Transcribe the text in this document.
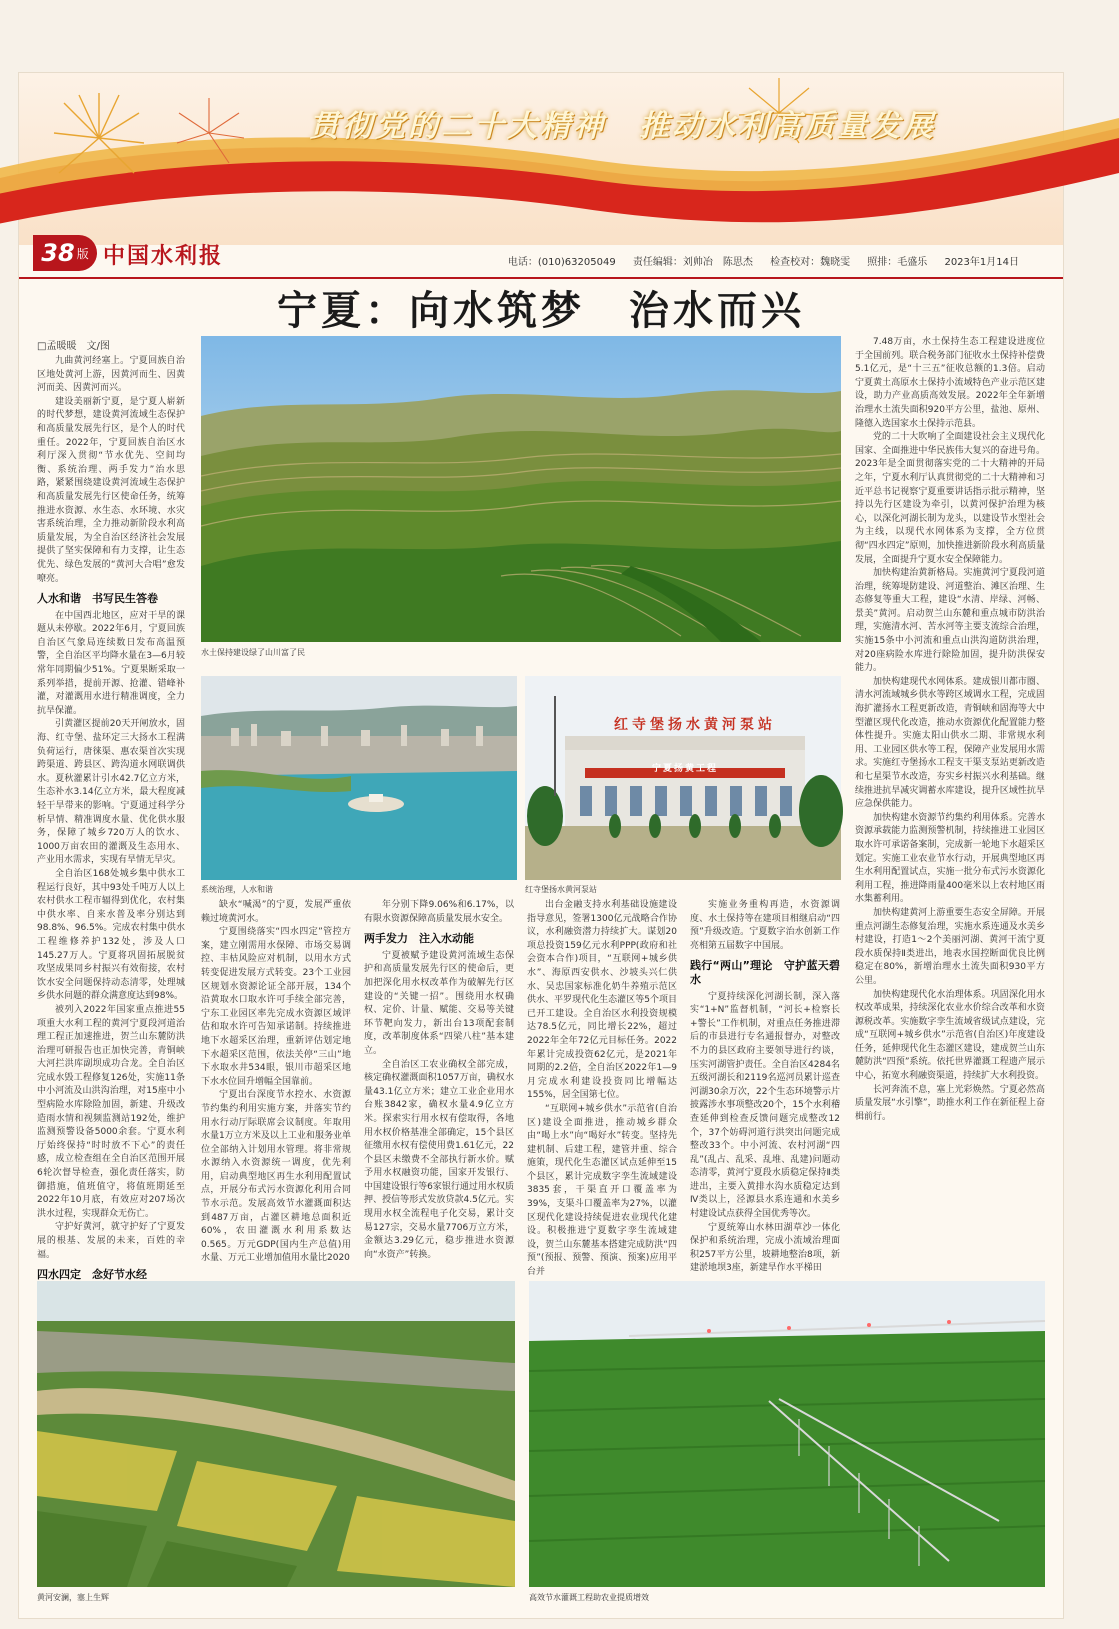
贯彻党的二十大精神　推动水利高质量发展
38 版 中国水利报	电话：(010)63205049 责任编辑：刘帅冶　陈思杰 检查校对：魏晓雯 照排：毛盛乐 2023年1月14日
宁夏：向水筑梦　治水而兴
□孟暖暖　文/图

九曲黄河经塞上。宁夏回族自治区地处黄河上游，因黄河而生、因黄河而美、因黄河而兴。

建设美丽新宁夏，是宁夏人崭新的时代梦想，建设黄河流域生态保护和高质量发展先行区，是个人的时代重任。2022年，宁夏回族自治区水利厅深入贯彻“节水优先、空间均衡、系统治理、两手发力”治水思路，紧紧围绕建设黄河流域生态保护和高质量发展先行区使命任务，统筹推进水资源、水生态、水环境、水灾害系统治理，全力推动新阶段水利高质量发展，为全自治区经济社会发展提供了坚实保障和有力支撑，让生态优先、绿色发展的“黄河大合唱”愈发嘹亮。

人水和谐　书写民生答卷

在中国西北地区，应对干旱的课题从未停歇。2022年6月，宁夏回族自治区气象局连续数日发布高温预警，全自治区平均降水量在3—6月较常年同期偏少51%。宁夏果断采取一系列举措，提前开源、抢灌、错峰补灌，对灌溉用水进行精准调度，全力抗旱保灌。

引黄灌区提前20天开闸放水，固海、红寺堡、盐环定三大扬水工程满负荷运行，唐徕渠、惠农渠首次实现跨渠道、跨县区、跨沟道水网联调供水。夏秋灌累计引水42.7亿立方米，生态补水3.14亿立方米，最大程度减轻干旱带来的影响。宁夏通过科学分析早情、精准调度水量、优化供水服务，保障了城乡720万人的饮水、1000万亩农田的灌溉及生态用水、产业用水需求，实现有旱情无早灾。

全自治区168处城乡集中供水工程运行良好，其中93处千吨万人以上农村供水工程市辐得到优化，农村集中供水率、自来水普及率分别达到98.8%、96.5%。完成农村集中供水工程维修养护132处，涉及人口145.27万人。宁夏将巩固拓展脱贫攻坚成果同乡村振兴有效衔接，农村饮水安全问题保持动态清零，处理城乡供水问题的群众满意度达到98%。

被列入2022年国家重点推进55项重大水利工程的黄河宁夏段河道治理工程正加速推进，贺兰山东麓防洪治理可研报告也正加快完善，青铜峡大河拦洪库副坝成功合龙。全自治区完成水毁工程修复126处，实施11条中小河流及山洪沟治理，对15座中小型病险水库除险加固，新建、升级改造雨水情和视频监测站192处，维护监测预警设备5000余套。宁夏水利厅始终保持“时时放不下心”的责任感，成立检查组在全自治区范围开展6轮次督导检查，强化责任落实，防御措施，值班值守，将值班期延至2022年10月底，有效应对207场次洪水过程，实现群众无伤亡。

守护好黄河，就守护好了宁夏发展的根基、发展的未来，百姓的幸福。

四水四定　念好节水经

水土保持建设绿了山川富了民
系统治理，人水和谐
红寺堡扬水黄河泵站
宁夏扬黄工程
红寺堡扬水黄河泵站

缺水“喊渴”的宁夏，发展严重依赖过境黄河水。

宁夏围绕落实“四水四定”管控方案，建立刚需用水保障、市场交易调控、丰枯风险应对机制，以用水方式转变促进发展方式转变。23个工业园区规划水资源论证全部开展，134个沿黄取水口取水许可手续全部完善，宁东工业园区率先完成水资源区域评估和取水许可告知承诺制。持续推进地下水超采区治理，重新评估划定地下水超采区范围，依法关停“三山”地下水取水井534眼，银川市超采区地下水水位回升增幅全国靠前。

宁夏出台深度节水控水、水资源节约集约利用实施方案，并落实节约用水行动厅际联席会议制度。年取用水量1万立方米及以上工业和服务业单位全部纳入计划用水管理。将非常规水源纳入水资源统一调度，优先利用，启动典型地区再生水利用配置试点，开展分布式污水资源化利用合同节水示范。发展高效节水灌溉面积达到487万亩，占灌区耕地总面积近60%，农田灌溉水利用系数达0.565。万元GDP(国内生产总值)用水量、万元工业增加值用水量比2020

年分别下降9.06%和6.17%，以有限水资源保障高质量发展水安全。

两手发力　注入水动能

宁夏被赋予建设黄河流域生态保护和高质量发展先行区的使命后，更加把深化用水权改革作为破解先行区建设的“关键一招”。围绕用水权确权、定价、计量、赋能、交易等关键环节靶向发力，新出台13项配套制度，改革制度体系“四梁八柱”基本建立。

全自治区工农业确权全部完成，核定确权灌溉面积1057万亩，确权水量43.1亿立方米；建立工业企业用水台账3842家，确权水量4.9亿立方米。探索实行用水权有偿取得，各地用水权价格基准全部确定，15个县区征缴用水权有偿使用费1.61亿元，22个县区未缴费不全部执行新水价。赋予用水权融资功能，国家开发银行、中国建设银行等6家银行通过用水权质押、授信等形式发放贷款4.5亿元。实现用水权全流程电子化交易，累计交易127宗，交易水量7706万立方米，金额达3.29亿元，稳步推进水资源向“水资产”转换。

出台金融支持水利基础设施建设指导意见，签署1300亿元战略合作协议，水利融资潜力持续扩大。谋划20项总投资159亿元水利PPP(政府和社会资本合作)项目，“互联网+城乡供水”、海原西安供水、沙坡头兴仁供水、吴忠国家标准化奶牛养殖示范区供水、平罗现代化生态灌区等5个项目已开工建设。全自治区水利投资规模达78.5亿元，同比增长22%，超过2022年全年72亿元目标任务。2022年累计完成投资62亿元，是2021年同期的2.2倍，全自治区2022年1—9月完成水利建设投资同比增幅达155%，居全国第七位。

“互联网+城乡供水”示范省(自治区)建设全面推进，推动城乡群众由“喝上水”向“喝好水”转变。坚持先建机制、后建工程，建管并重、综合施策，现代化生态灌区试点延伸至15个县区，累计完成数字孪生流域建设3835套，干渠直开口覆盖率为39%，支渠斗口覆盖率为27%，以灌区现代化建设持续促进农业现代化建设。积极推进宁夏数字孪生流域建设，贺兰山东麓基本搭建完成防洪“四预”(预报、预警、预演、预案)应用平台并

实施业务重构再造，水资源调度、水土保持等在建项目相继启动“四预”升级改造。宁夏数字治水创新工作亮相第五届数字中国展。

践行“两山”理论　守护蓝天碧水

宁夏持续深化河湖长制，深入落实“1+N”监督机制，“河长+检察长+警长”工作机制，对重点任务推进滞后的市县进行专名通报督办，对整改不力的县区政府主要领导进行约谈，压实河湖管护责任。全自治区4284名五级河湖长和2119名巡河员累计巡查河湖30余万次，22个生态环境警示片披露涉水事项整改20个，15个水利稽查延伸到检查反馈问题完成整改12个，37个妨碍河道行洪突出问题完成整改33个。中小河流、农村河湖“四乱”(乱占、乱采、乱堆、乱建)问题动态清零，黄河宁夏段水质稳定保持Ⅱ类进出，主要入黄排水沟水质稳定达到Ⅳ类以上，泾源县水系连通和水美乡村建设试点获得全国优秀等次。

宁夏统筹山水林田湖草沙一体化保护和系统治理，完成小流域治理面积257平方公里，坡耕地整治8项，新建淤地坝3座，新建旱作水平梯田

7.48万亩，水土保持生态工程建设进度位于全国前列。联合税务部门征收水土保持补偿费5.1亿元，是“十三五”征收总额的1.3倍。启动宁夏黄土高原水土保持小流域特色产业示范区建设，助力产业高质高效发展。2022年全年新增治理水土流失面积920平方公里，盐池、原州、隆德入选国家水土保持示范县。

党的二十大吹响了全面建设社会主义现代化国家、全面推进中华民族伟大复兴的奋进号角。2023年是全面贯彻落实党的二十大精神的开局之年，宁夏水利厅认真贯彻党的二十大精神和习近平总书记视察宁夏重要讲话指示批示精神，坚持以先行区建设为牵引，以黄河保护治理为核心，以深化河湖长制为龙头，以建设节水型社会为主线，以现代水网体系为支撑，全方位贯彻“四水四定”原则，加快推进新阶段水利高质量发展，全面提升宁夏水安全保障能力。

加快构建治黄新格局。实施黄河宁夏段河道治理，统筹堤防建设、河道整治、滩区治理、生态修复等重大工程，建设“水清、岸绿、河畅、景美”黄河。启动贺兰山东麓和重点城市防洪治理，实施清水河、苦水河等主要支流综合治理，实施15条中小河流和重点山洪沟道防洪治理，对20座病险水库进行除险加固，提升防洪保安能力。

加快构建现代水网体系。建成银川都市圈、清水河流域城乡供水等跨区域调水工程，完成固海扩灌扬水工程更新改造，青铜峡和固海等大中型灌区现代化改造，推动水资源优化配置能力整体性提升。实施太阳山供水二期、非常规水利用、工业园区供水等工程，保障产业发展用水需求。实施红寺堡扬水工程支干渠支泵站更新改造和七星渠节水改造，夯实乡村振兴水利基础。继续推进抗旱减灾调蓄水库建设，提升区域性抗旱应急保供能力。

加快构建水资源节约集约利用体系。完善水资源承载能力监测预警机制，持续推进工业园区取水许可承诺备案制，完成新一轮地下水超采区划定。实施工业农业节水行动，开展典型地区再生水利用配置试点，实施一批分布式污水资源化利用工程，推进降雨量400毫米以上农村地区雨水集蓄利用。

加快构建黄河上游重要生态安全屏障。开展重点河湖生态修复治理，实施水系连通及水美乡村建设，打造1～2个美丽河湖、黄河干流宁夏段水质保持Ⅱ类进出，地表水国控断面优良比例稳定在80%，新增治理水土流失面积930平方公里。

加快构建现代化水治理体系。巩固深化用水权改革成果，持续深化农业水价综合改革和水资源税改革。实施数字孪生流域省级试点建设，完成“互联网+城乡供水”示范省(自治区)年度建设任务，延伸现代化生态灌区建设，建成贺兰山东麓防洪“四预”系统。依托世界灌溉工程遗产展示中心，拓宽水利融资渠道，持续扩大水利投资。

长河奔流不息，塞上光彩焕然。宁夏必然高质量发展“水引擎”，助推水利工作在新征程上奋楫前行。

黄河安澜，塞上生辉	高效节水灌溉工程助农业提质增效
